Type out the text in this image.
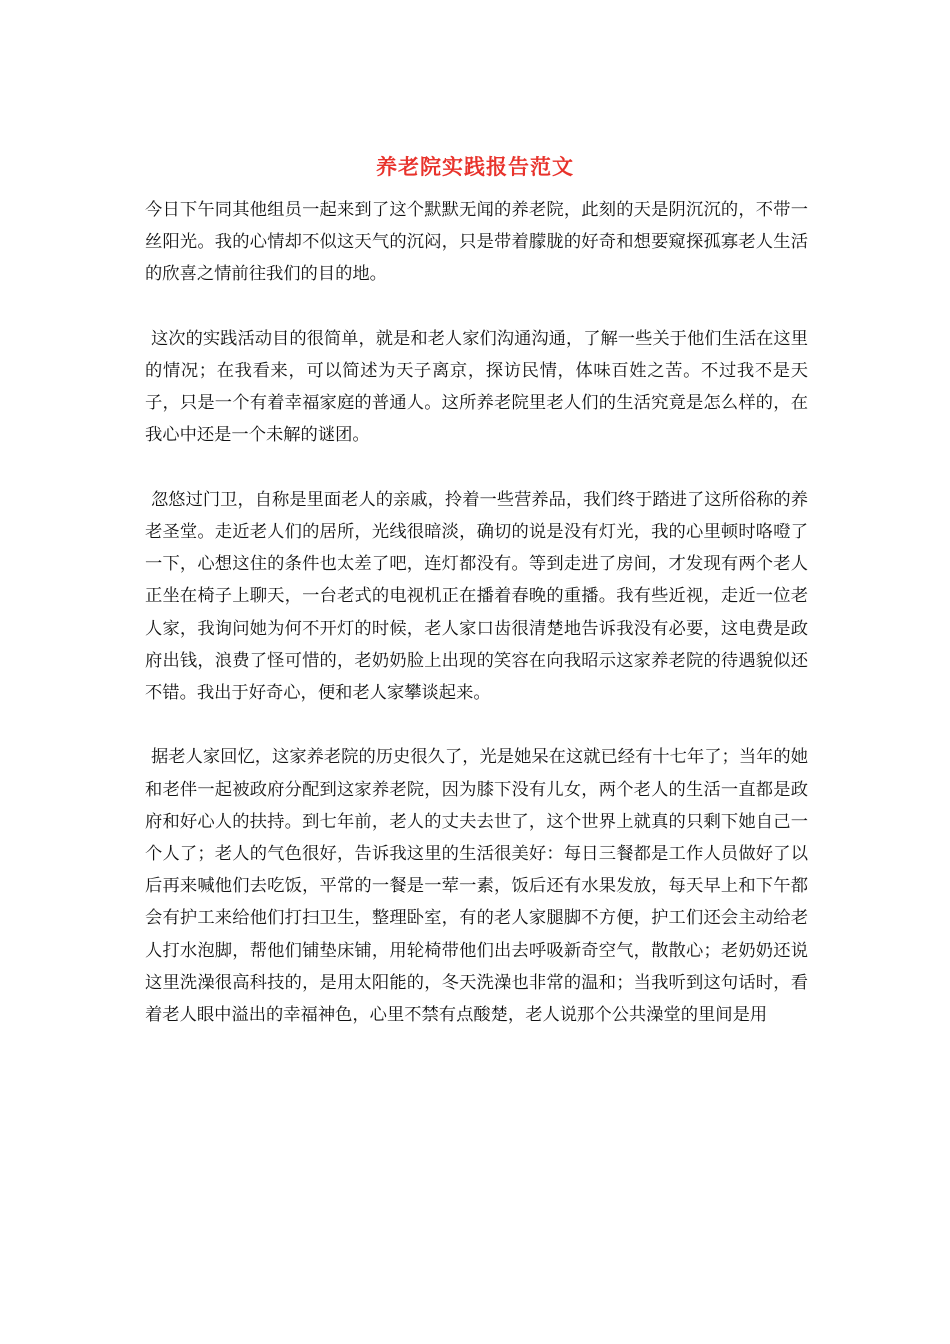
养老院实践报告范文

今日下午同其他组员一起来到了这个默默无闻的养老院，此刻的天是阴沉沉的，不带一丝阳光。我的心情却不似这天气的沉闷，只是带着朦胧的好奇和想要窥探孤寡老人生活的欣喜之情前往我们的目的地。

这次的实践活动目的很简单，就是和老人家们沟通沟通，了解一些关于他们生活在这里的情况；在我看来，可以简述为天子离京，探访民情，体味百姓之苦。不过我不是天子，只是一个有着幸福家庭的普通人。这所养老院里老人们的生活究竟是怎么样的，在我心中还是一个未解的谜团。

忽悠过门卫，自称是里面老人的亲戚，拎着一些营养品，我们终于踏进了这所俗称的养老圣堂。走近老人们的居所，光线很暗淡，确切的说是没有灯光，我的心里顿时咯噔了一下，心想这住的条件也太差了吧，连灯都没有。等到走进了房间，才发现有两个老人正坐在椅子上聊天，一台老式的电视机正在播着春晚的重播。我有些近视，走近一位老人家，我询问她为何不开灯的时候，老人家口齿很清楚地告诉我没有必要，这电费是政府出钱，浪费了怪可惜的，老奶奶脸上出现的笑容在向我昭示这家养老院的待遇貌似还不错。我出于好奇心，便和老人家攀谈起来。

据老人家回忆，这家养老院的历史很久了，光是她呆在这就已经有十七年了；当年的她和老伴一起被政府分配到这家养老院，因为膝下没有儿女，两个老人的生活一直都是政府和好心人的扶持。到七年前，老人的丈夫去世了，这个世界上就真的只剩下她自己一个人了；老人的气色很好，告诉我这里的生活很美好：每日三餐都是工作人员做好了以后再来喊他们去吃饭，平常的一餐是一荤一素，饭后还有水果发放，每天早上和下午都会有护工来给他们打扫卫生，整理卧室，有的老人家腿脚不方便，护工们还会主动给老人打水泡脚，帮他们铺垫床铺，用轮椅带他们出去呼吸新奇空气，散散心；老奶奶还说这里洗澡很高科技的，是用太阳能的，冬天洗澡也非常的温和；当我听到这句话时，看着老人眼中溢出的幸福神色，心里不禁有点酸楚，老人说那个公共澡堂的里间是用
